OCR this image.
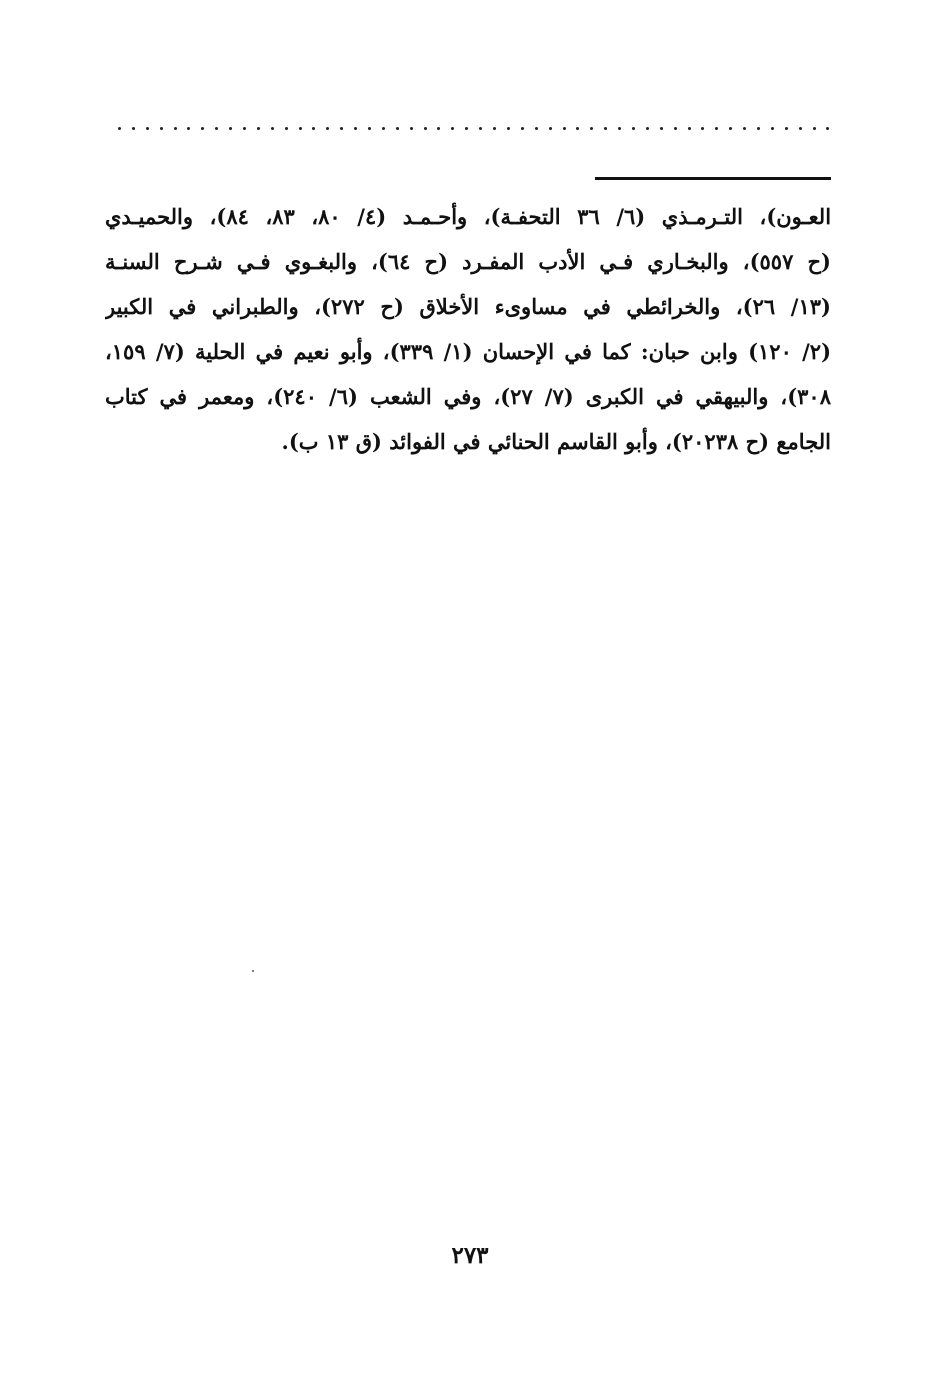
العـون)، التـرمـذي (٦/ ٣٦ التحفـة)، وأحـمـد (٤/ ٨٠، ٨٣، ٨٤)، والحميـدي
(ح ٥٥٧)، والبخـاري فـي الأدب المفـرد (ح ٦٤)، والبغـوي فـي شـرح السنـة
(١٣/ ٢٦)، والخرائطي في مساوىء الأخلاق (ح ٢٧٢)، والطبراني في الكبير
(٢/ ١٢٠) وابن حبان: كما في الإحسان (١/ ٣٣٩)، وأبو نعيم في الحلية (٧/ ١٥٩،
٣٠٨)، والبيهقي في الكبرى (٧/ ٢٧)، وفي الشعب (٦/ ٢٤٠)، ومعمر في كتاب
الجامع (ح ٢٠٢٣٨)، وأبو القاسم الحنائي في الفوائد (ق ١٣ ب).
٢٧٣
